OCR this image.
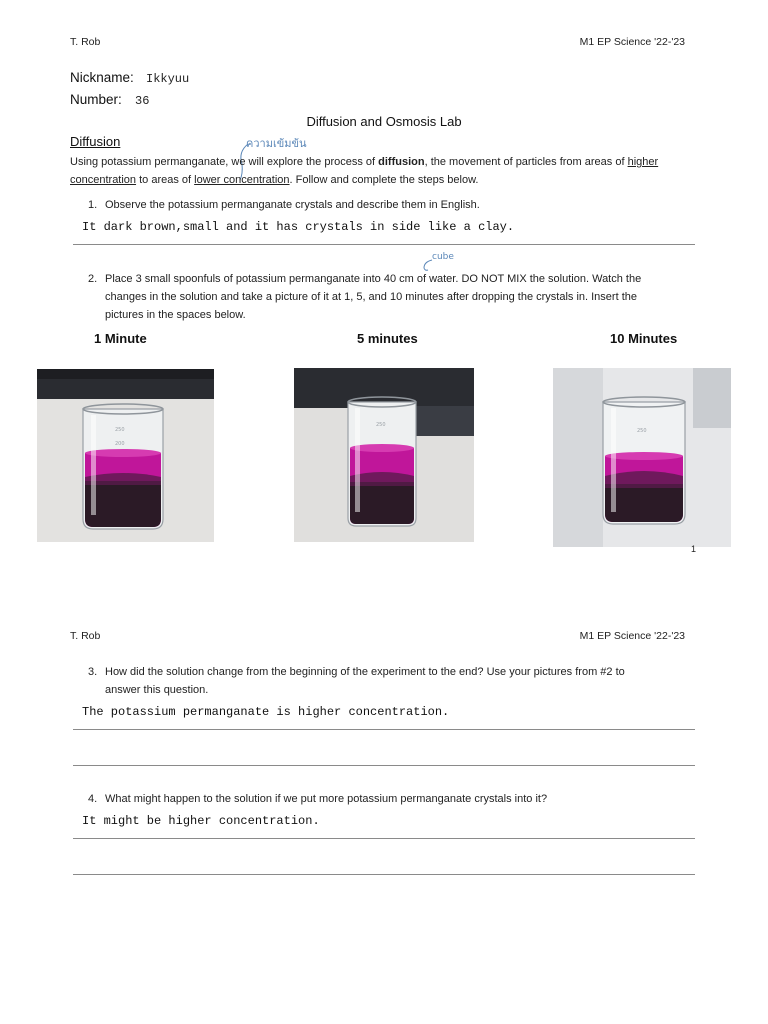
T. Rob	M1 EP Science '22-'23
Nickname: Ikkyuu
Number: 36
Diffusion and Osmosis Lab
Diffusion	ความเข้มข้น
Using potassium permanganate, we will explore the process of diffusion, the movement of particles from areas of higher
concentration to areas of lower concentration. Follow and complete the steps below.
1. Observe the potassium permanganate crystals and describe them in English.
It dark brown,small and it has crystals in side like a clay.
cube
2. Place 3 small spoonfuls of potassium permanganate into 40 cm of water. DO NOT MIX the solution. Watch the
changes in the solution and take a picture of it at 1, 5, and 10 minutes after dropping the crystals in. Insert the
pictures in the spaces below.
1 Minute	5 minutes	10 Minutes
250
200
250
250
1
T. Rob	M1 EP Science '22-'23
3. How did the solution change from the beginning of the experiment to the end? Use your pictures from #2 to
answer this question.
The potassium permanganate is higher concentration.
4. What might happen to the solution if we put more potassium permanganate crystals into it?
It might be higher concentration.
